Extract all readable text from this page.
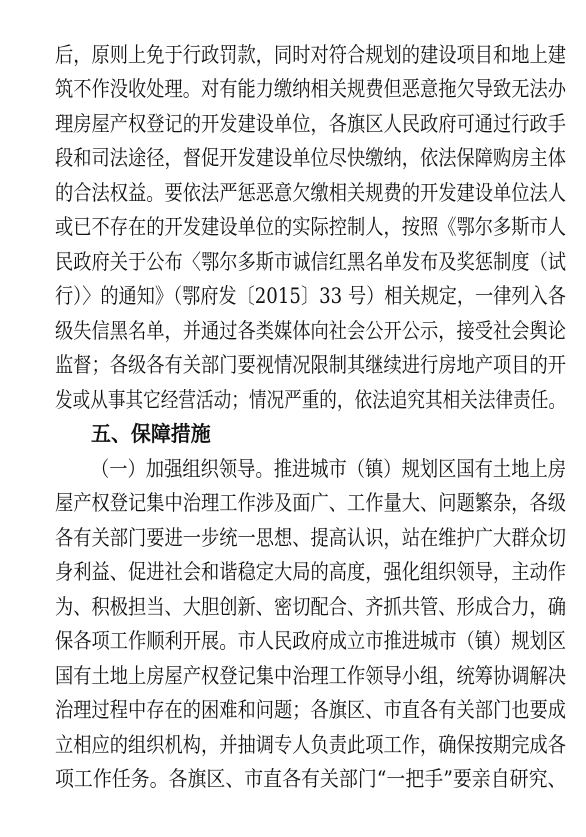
后，原则上免于行政罚款，同时对符合规划的建设项目和地上建
筑不作没收处理。对有能力缴纳相关规费但恶意拖欠导致无法办
理房屋产权登记的开发建设单位，各旗区人民政府可通过行政手
段和司法途径，督促开发建设单位尽快缴纳，依法保障购房主体
的合法权益。要依法严惩恶意欠缴相关规费的开发建设单位法人
或已不存在的开发建设单位的实际控制人，按照《鄂尔多斯市人
民政府关于公布〈鄂尔多斯市诚信红黑名单发布及奖惩制度（试
行）〉的通知》（鄂府发〔2015〕33 号）相关规定，一律列入各
级失信黑名单，并通过各类媒体向社会公开公示，接受社会舆论
监督；各级各有关部门要视情况限制其继续进行房地产项目的开
发或从事其它经营活动；情况严重的，依法追究其相关法律责任。
五、保障措施
（一）加强组织领导。推进城市（镇）规划区国有土地上房
屋产权登记集中治理工作涉及面广、工作量大、问题繁杂，各级
各有关部门要进一步统一思想、提高认识，站在维护广大群众切
身利益、促进社会和谐稳定大局的高度，强化组织领导，主动作
为、积极担当、大胆创新、密切配合、齐抓共管、形成合力，确
保各项工作顺利开展。市人民政府成立市推进城市（镇）规划区
国有土地上房屋产权登记集中治理工作领导小组，统筹协调解决
治理过程中存在的困难和问题；各旗区、市直各有关部门也要成
立相应的组织机构，并抽调专人负责此项工作，确保按期完成各
项工作任务。各旗区、市直各有关部门“一把手”要亲自研究、
